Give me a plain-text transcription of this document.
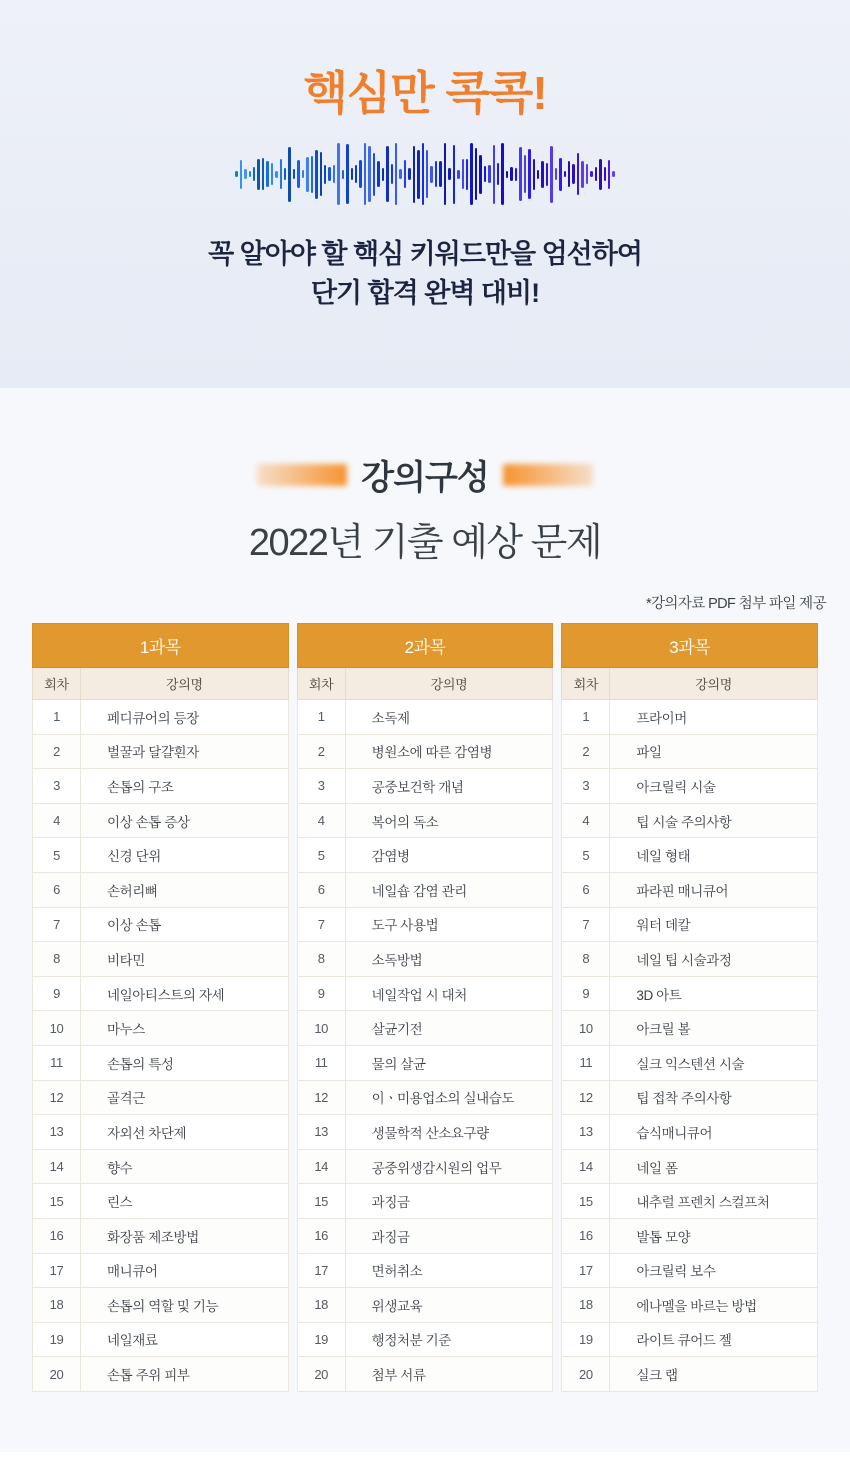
핵심만 콕콕!
꼭 알아야 할 핵심 키워드만을 엄선하여
단기 합격 완벽 대비!
강의구성
2022년 기출 예상 문제
*강의자료 PDF 첨부 파일 제공
1과목	
회차	강의명
1	페디큐어의 등장
2	벌꿀과 달걀흰자
3	손톱의 구조
4	이상 손톱 증상
5	신경 단위
6	손허리뼈
7	이상 손톱
8	비타민
9	네일아티스트의 자세
10	마누스
11	손톱의 특성
12	골격근
13	자외선 차단제
14	향수
15	린스
16	화장품 제조방법
17	매니큐어
18	손톱의 역할 및 기능
19	네일재료
20	손톱 주위 피부
2과목	
회차	강의명
1	소독제
2	병원소에 따른 감염병
3	공중보건학 개념
4	복어의 독소
5	감염병
6	네일숍 감염 관리
7	도구 사용법
8	소독방법
9	네일작업 시 대처
10	살균기전
11	물의 살균
12	이ㆍ미용업소의 실내습도
13	생물학적 산소요구량
14	공중위생감시원의 업무
15	과징금
16	과징금
17	면허취소
18	위생교육
19	행정처분 기준
20	첨부 서류
3과목	
회차	강의명
1	프라이머
2	파일
3	아크릴릭 시술
4	팁 시술 주의사항
5	네일 형태
6	파라핀 매니큐어
7	워터 데칼
8	네일 팁 시술과정
9	3D 아트
10	아크릴 볼
11	실크 익스텐션 시술
12	팁 접착 주의사항
13	습식매니큐어
14	네일 폼
15	내추럴 프렌치 스컬프처
16	발톱 모양
17	아크릴릭 보수
18	에나멜을 바르는 방법
19	라이트 큐어드 젤
20	실크 랩
